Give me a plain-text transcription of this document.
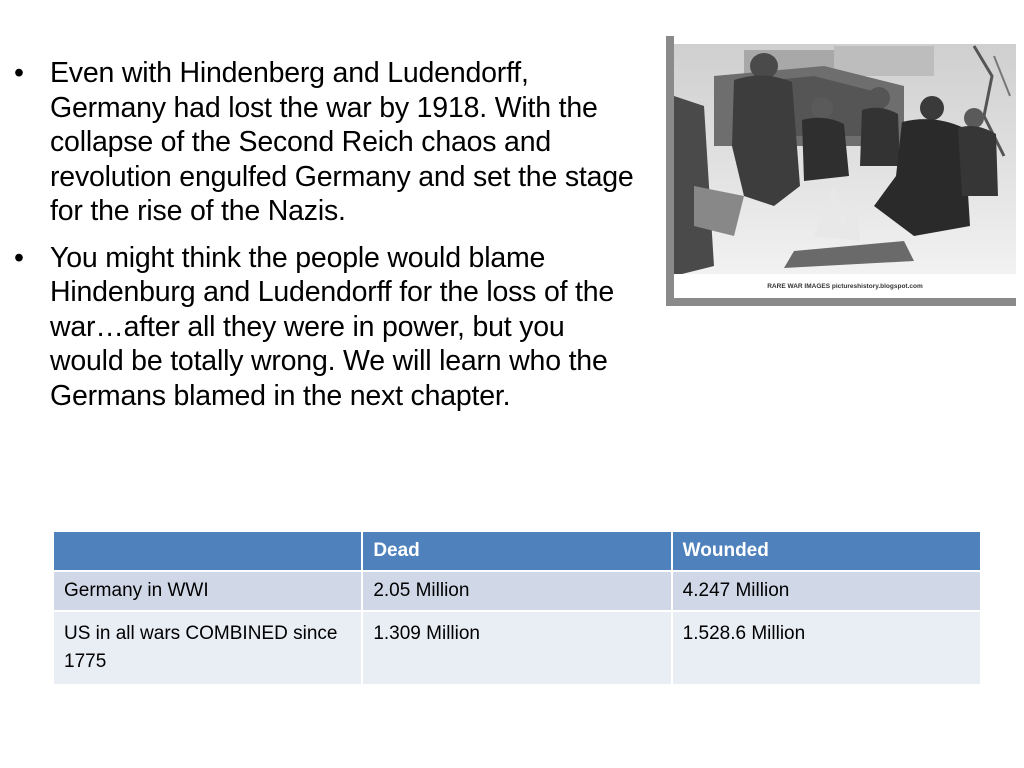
• Even with Hindenberg and Ludendorff, Germany had lost the war by 1918. With the collapse of the Second Reich chaos and revolution engulfed Germany and set the stage for the rise of the Nazis.
• You might think the people would blame Hindenburg and Ludendorff for the loss of the war…after all they were in power, but you would be totally wrong. We will learn who the Germans blamed in the next chapter.
RARE WAR IMAGES pictureshistory.blogspot.com
	Dead	Wounded
Germany in WWI	2.05 Million	4.247 Million
US in all wars COMBINED since 1775	1.309 Million	1.528.6 Million
